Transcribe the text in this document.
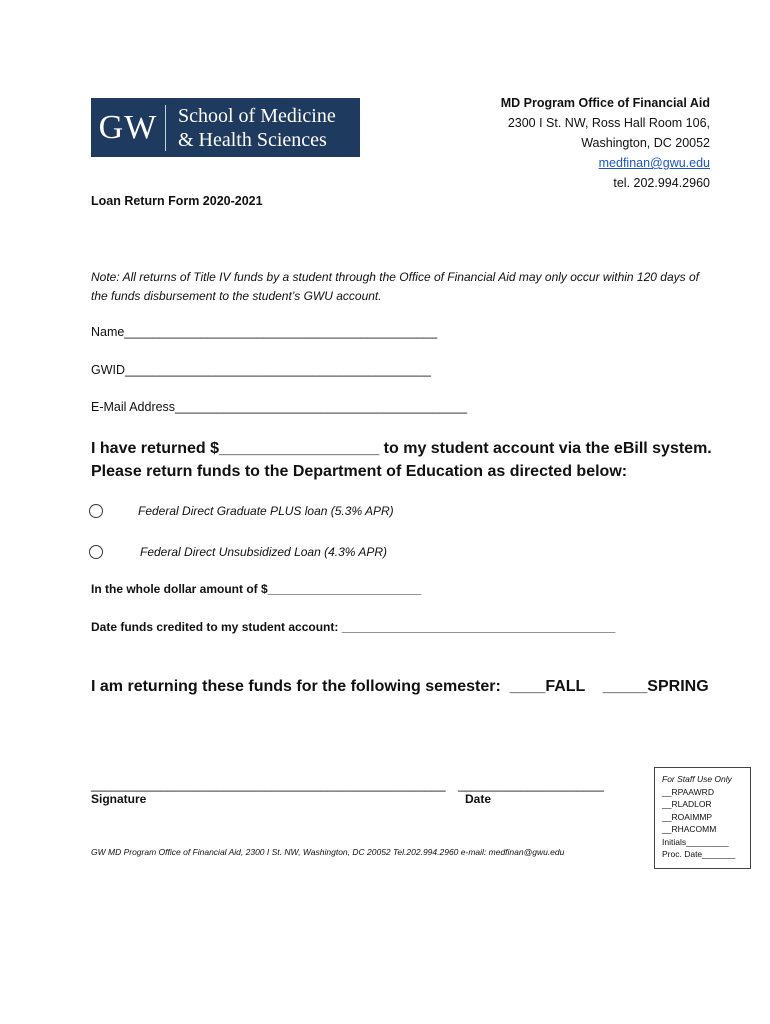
GW	School of Medicine
& Health Sciences
MD Program Office of Financial Aid
2300 I St. NW, Ross Hall Room 106,
Washington, DC 20052
medfinan@gwu.edu
tel. 202.994.2960
Loan Return Form 2020-2021
Note: All returns of Title IV funds by a student through the Office of Financial Aid may only occur within 120 days of the funds disbursement to the student’s GWU account.
Name_____________________________________________
GWID____________________________________________
E-Mail Address__________________________________________
I have returned $__________________ to my student account via the eBill system.
Please return funds to the Department of Education as directed below:
Federal Direct Graduate PLUS loan (5.3% APR)
Federal Direct Unsubsidized Loan (4.3% APR)
In the whole dollar amount of $_______________________
Date funds credited to my student account: _________________________________________
I am returning these funds for the following semester: ____FALL _____SPRING
___________________________________________________ _____________________
Signature	Date
GW MD Program Office of Financial Aid, 2300 I St. NW, Washington, DC 20052 Tel.202.994.2960 e-mail: medfinan@gwu.edu
For Staff Use Only
__RPAAWRD
__RLADLOR
__ROAIMMP
__RHACOMM
Initials_________
Proc. Date_______
